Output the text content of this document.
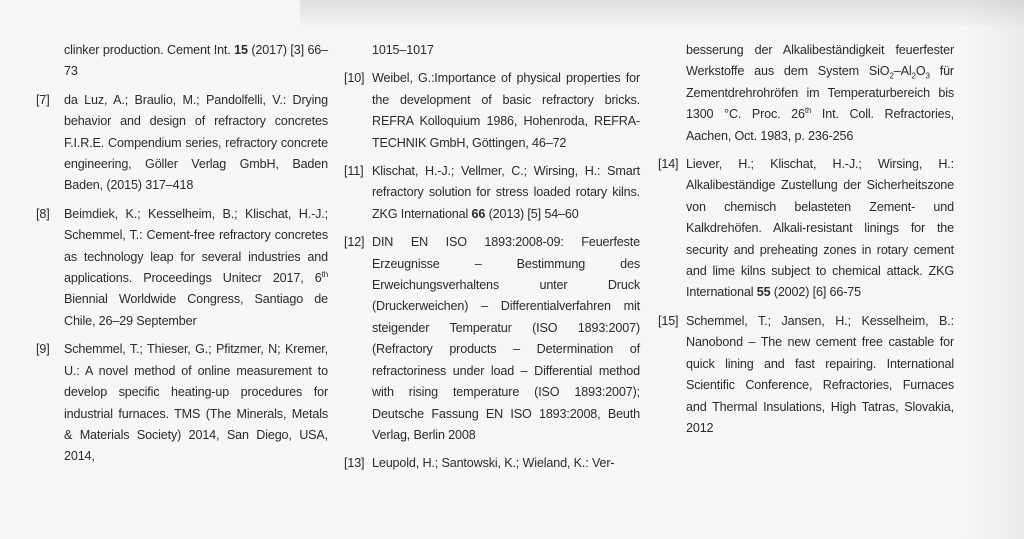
clinker production. Cement Int. 15 (2017) [3] 66–73
[7] da Luz, A.; Braulio, M.; Pandolfelli, V.: Drying behavior and design of refractory concretes F.I.R.E. Compendium series, refractory concrete engineering, Göller Verlag GmbH, Baden Baden, (2015) 317–418
[8] Beimdiek, K.; Kesselheim, B.; Klischat, H.-J.; Schemmel, T.: Cement-free refractory concretes as technology leap for several industries and applications. Proceedings Unitecr 2017, 6th Biennial Worldwide Congress, Santiago de Chile, 26–29 September
[9] Schemmel, T.; Thieser, G.; Pfitzmer, N; Kremer, U.: A novel method of online measurement to develop specific heating-up procedures for industrial furnaces. TMS (The Minerals, Metals & Materials Society) 2014, San Diego, USA, 2014,
1015–1017
[10] Weibel, G.:Importance of physical properties for the development of basic refractory bricks. REFRA Kolloquium 1986, Hohenroda, REFRA-TECHNIK GmbH, Göttingen, 46–72
[11] Klischat, H.-J.; Vellmer, C.; Wirsing, H.: Smart refractory solution for stress loaded rotary kilns. ZKG International 66 (2013) [5] 54–60
[12] DIN EN ISO 1893:2008-09: Feuerfeste Erzeugnisse – Bestimmung des Erweichungsverhaltens unter Druck (Druckerweichen) – Differentialverfahren mit steigender Temperatur (ISO 1893:2007) (Refractory products – Determination of refractoriness under load – Differential method with rising temperature (ISO 1893:2007); Deutsche Fassung EN ISO 1893:2008, Beuth Verlag, Berlin 2008
[13] Leupold, H.; Santowski, K.; Wieland, K.: Ver-
besserung der Alkalibeständigkeit feuerfester Werkstoffe aus dem System $SiO_2-Al_2O_3$ für Zementdrehrohröfen im Temperaturbereich bis 1300 °C. Proc. 26th Int. Coll. Refractories, Aachen, Oct. 1983, p. 236-256
[14] Liever, H.; Klischat, H.-J.; Wirsing, H.: Alkalibeständige Zustellung der Sicherheitszone von chemisch belasteten Zement- und Kalkdrehöfen. Alkali-resistant linings for the security and preheating zones in rotary cement and lime kilns subject to chemical attack. ZKG International 55 (2002) [6] 66-75
[15] Schemmel, T.; Jansen, H.; Kesselheim, B.: Nanobond – The new cement free castable for quick lining and fast repairing. International Scientific Conference, Refractories, Furnaces and Thermal Insulations, High Tatras, Slovakia, 2012
